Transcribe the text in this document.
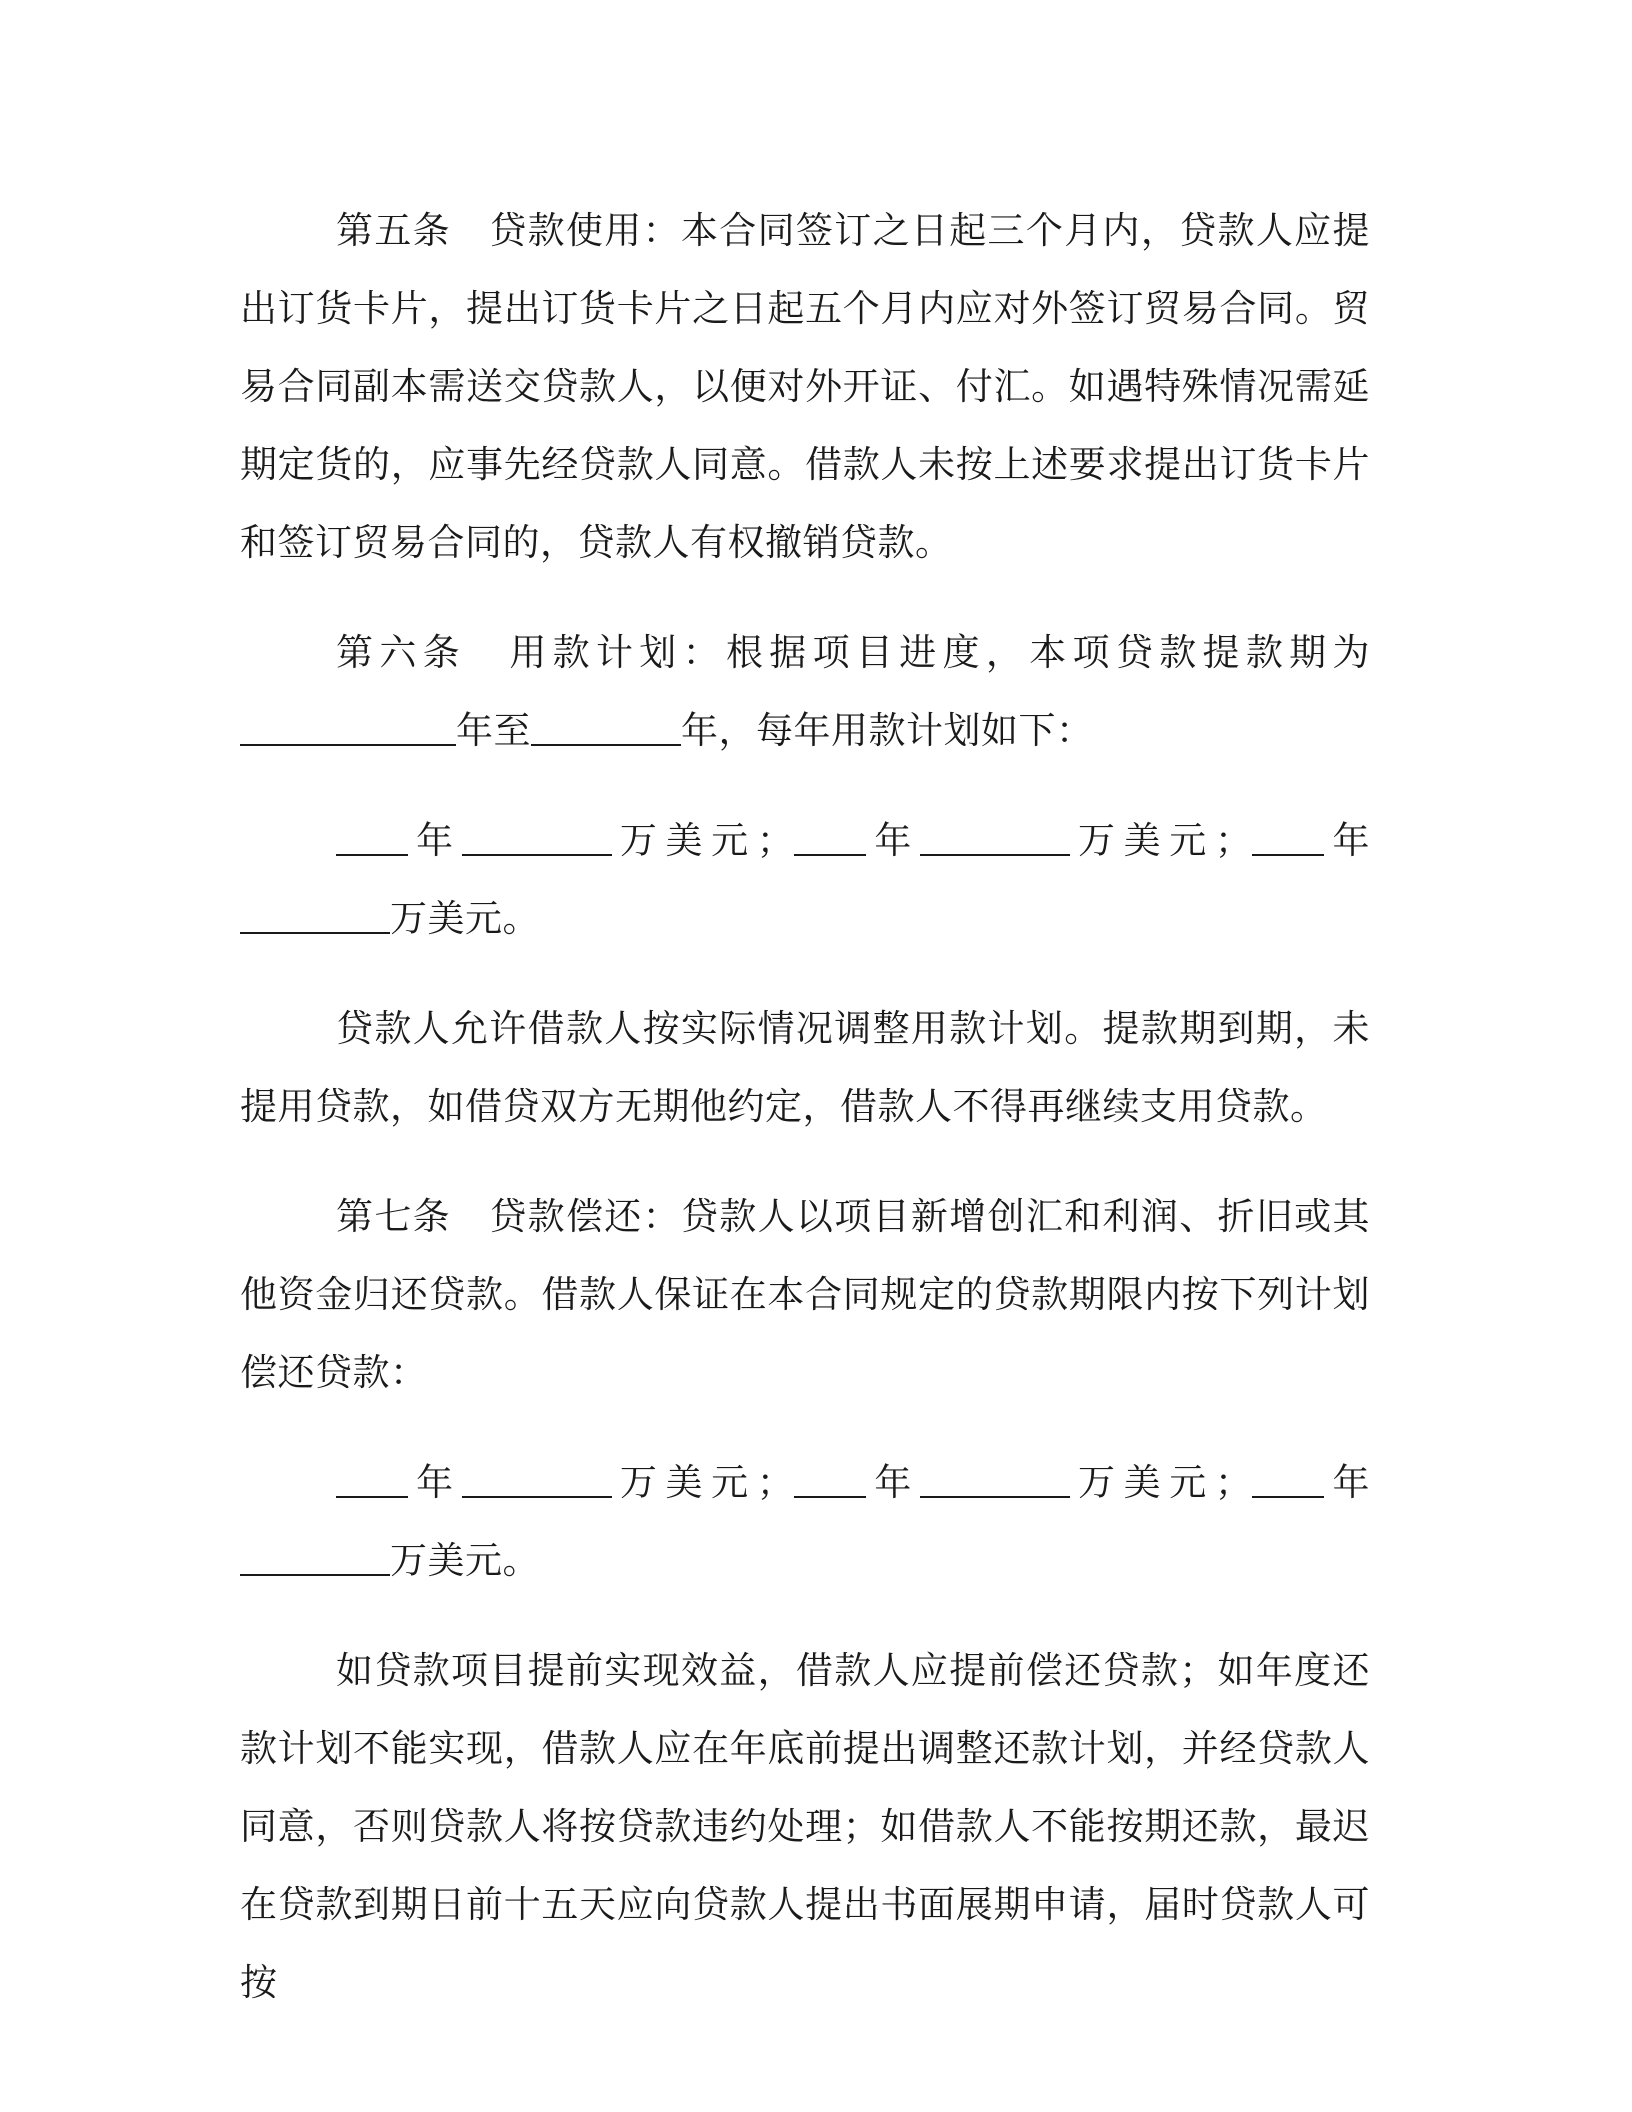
第五条　 贷款使用：本合同签订之日起三个月内，贷款人应提出订货卡片，提出订货卡片之日起五个月内应对外签订贸易合同。贸易合同副本需送交贷款人，以便对外开证、付汇。如遇特殊情况需延期定货的，应事先经贷款人同意。借款人未按上述要求提出订货卡片和签订贸易合同的，贷款人有权撤销贷款。

第六条　 用款计划：根据项目进度，本项贷款提款期为年至	年，每年用款计划如下：

年	万美元； 年	万美元； 年万美元。

贷款人允许借款人按实际情况调整用款计划。提款期到期，未提用贷款，如借贷双方无期他约定，借款人不得再继续支用贷款。

第七条　 贷款偿还：贷款人以项目新增创汇和利润、折旧或其他资金归还贷款。借款人保证在本合同规定的贷款期限内按下列计划偿还贷款：

年	万美元； 年	万美元； 年万美元。

如贷款项目提前实现效益，借款人应提前偿还贷款；如年度还款计划不能实现，借款人应在年底前提出调整还款计划，并经贷款人同意，否则贷款人将按贷款违约处理；如借款人不能按期还款，最迟在贷款到期日前十五天应向贷款人提出书面展期申请，届时贷款人可按
